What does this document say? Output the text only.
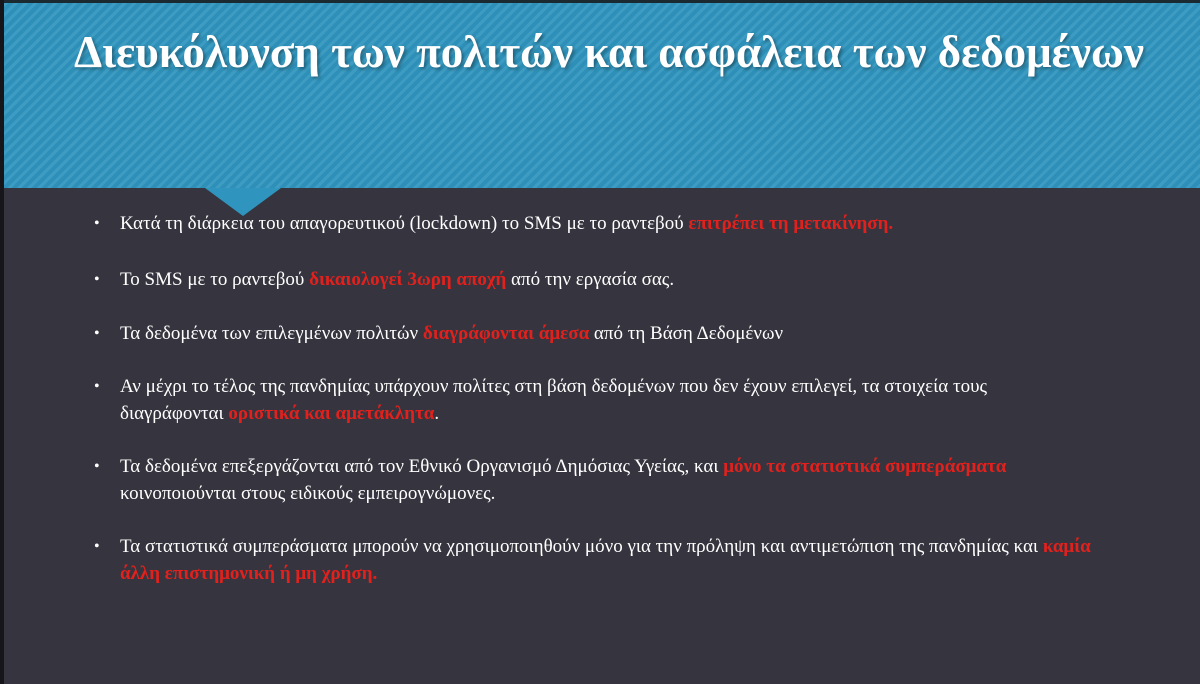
Διευκόλυνση των πολιτών και ασφάλεια των δεδομένων
• Κατά τη διάρκεια του απαγορευτικού (lockdown) το SMS με το ραντεβού επιτρέπει τη μετακίνηση.
• Το SMS με το ραντεβού δικαιολογεί 3ωρη αποχή από την εργασία σας.
• Τα δεδομένα των επιλεγμένων πολιτών διαγράφονται άμεσα από τη Βάση Δεδομένων
• Αν μέχρι το τέλος της πανδημίας υπάρχουν πολίτες στη βάση δεδομένων που δεν έχουν επιλεγεί, τα στοιχεία τους διαγράφονται οριστικά και αμετάκλητα.
• Τα δεδομένα επεξεργάζονται από τον Εθνικό Οργανισμό Δημόσιας Υγείας, και μόνο τα στατιστικά συμπεράσματα κοινοποιούνται στους ειδικούς εμπειρογνώμονες.
• Τα στατιστικά συμπεράσματα μπορούν να χρησιμοποιηθούν μόνο για την πρόληψη και αντιμετώπιση της πανδημίας και καμία άλλη επιστημονική ή μη χρήση.
